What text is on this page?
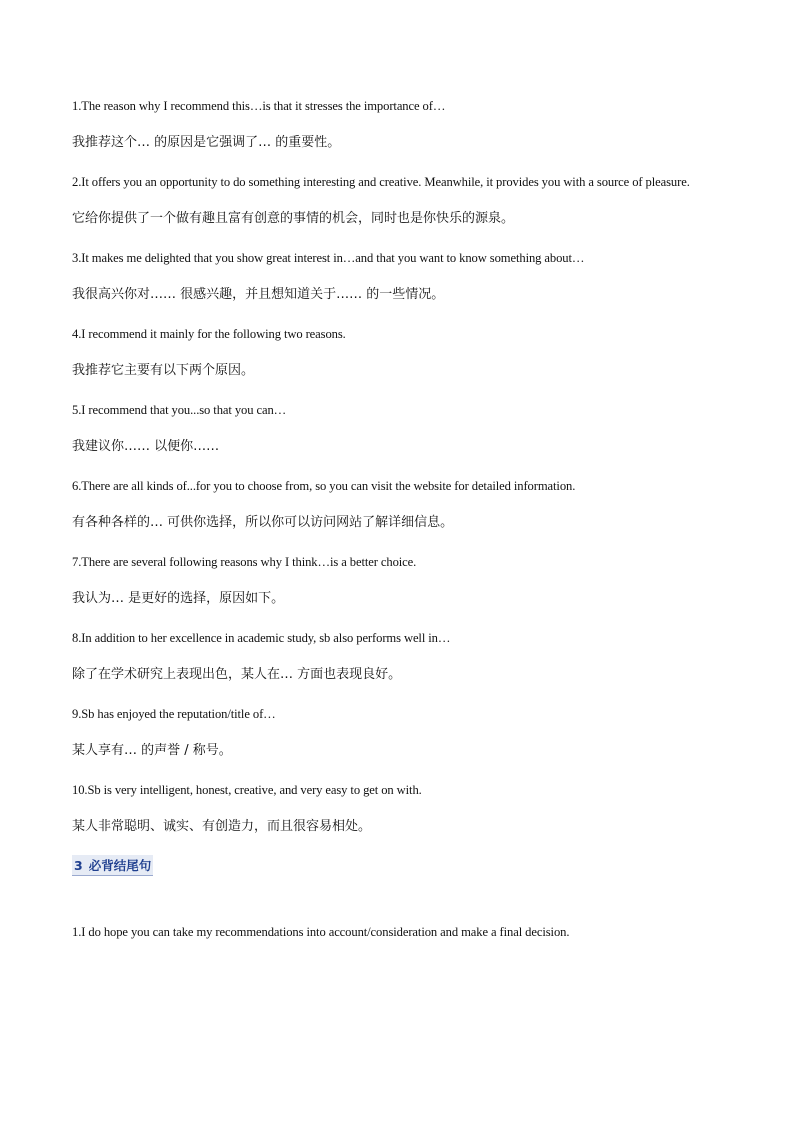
1.The reason why I recommend this…is that it stresses the importance of…

我推荐这个… 的原因是它强调了… 的重要性。

2.It offers you an opportunity to do something interesting and creative. Meanwhile, it provides you with a source of pleasure.

它给你提供了一个做有趣且富有创意的事情的机会，同时也是你快乐的源泉。

3.It makes me delighted that you show great interest in…and that you want to know something about…

我很高兴你对…… 很感兴趣，并且想知道关于…… 的一些情况。

4.I recommend it mainly for the following two reasons.

我推荐它主要有以下两个原因。

5.I recommend that you...so that you can…

我建议你…… 以便你……

6.There are all kinds of...for you to choose from, so you can visit the website for detailed information.

有各种各样的… 可供你选择，所以你可以访问网站了解详细信息。

7.There are several following reasons why I think…is a better choice.

我认为… 是更好的选择，原因如下。

8.In addition to her excellence in academic study, sb also performs well in…

除了在学术研究上表现出色，某人在… 方面也表现良好。

9.Sb has enjoyed the reputation/title of…

某人享有… 的声誉 / 称号。

10.Sb is very intelligent, honest, creative, and very easy to get on with.

某人非常聪明、诚实、有创造力，而且很容易相处。

3 必背结尾句

1.I do hope you can take my recommendations into account/consideration and make a final decision.
